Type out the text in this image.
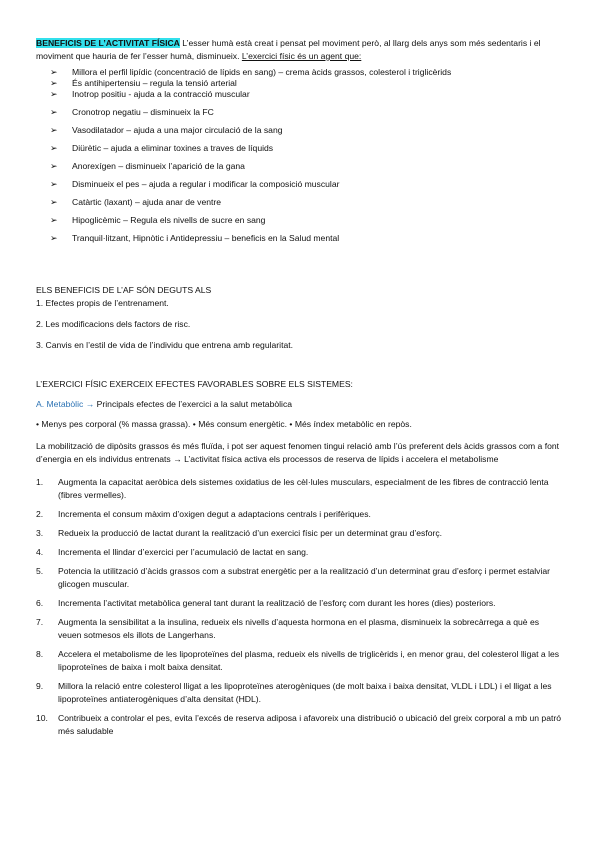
BENEFICIS DE L’ACTIVITAT FÍSICA L’esser humà està creat i pensat pel moviment però, al llarg dels anys som més sedentaris i el moviment que hauria de fer l’esser humà, disminueix. L’exercici físic és un agent que:
➢ Millora el perfil lipídic (concentració de lípids en sang) – crema àcids grassos, colesterol i triglicèrids
➢ És antihipertensiu – regula la tensió arterial
➢ Inotrop positiu - ajuda a la contracció muscular
➢ Cronotrop negatiu – disminueix la FC
➢ Vasodilatador – ajuda a una major circulació de la sang
➢ Diürètic – ajuda a eliminar toxines a traves de líquids
➢ Anorexígen – disminueix l’aparició de la gana
➢ Disminueix el pes – ajuda a regular i modificar la composició muscular
➢ Catàrtic (laxant) – ajuda anar de ventre
➢ Hipoglicèmic – Regula els nivells de sucre en sang
➢ Tranquil·litzant, Hipnòtic i Antidepressiu – beneficis en la Salud mental
ELS BENEFICIS DE L’AF SÓN DEGUTS ALS
1. Efectes propis de l’entrenament.
2. Les modificacions dels factors de risc.
3. Canvis en l’estil de vida de l’individu que entrena amb regularitat.
L’EXERCICI FÍSIC EXERCEIX EFECTES FAVORABLES SOBRE ELS SISTEMES:
A. Metabòlic → Principals efectes de l’exercici a la salut metabòlica
• Menys pes corporal (% massa grassa). • Més consum energètic. • Més índex metabòlic en repòs.
La mobilització de dipòsits grassos és més fluïda, i pot ser aquest fenomen tingui relació amb l’ús preferent dels àcids grassos com a font d’energia en els individus entrenats → L’activitat física activa els processos de reserva de lípids i accelera el metabolisme
1. Augmenta la capacitat aeròbica dels sistemes oxidatius de les cèl·lules musculars, especialment de les fibres de contracció lenta (fibres vermelles).
2. Incrementa el consum màxim d’oxigen degut a adaptacions centrals i perifèriques.
3. Redueix la producció de lactat durant la realització d’un exercici físic per un determinat grau d’esforç.
4. Incrementa el llindar d’exercici per l’acumulació de lactat en sang.
5. Potencia la utilització d’àcids grassos com a substrat energètic per a la realització d’un determinat grau d’esforç i permet estalviar glicogen muscular.
6. Incrementa l’activitat metabòlica general tant durant la realització de l’esforç com durant les hores (dies) posteriors.
7. Augmenta la sensibilitat a la insulina, redueix els nivells d’aquesta hormona en el plasma, disminueix la sobrecàrrega a què es veuen sotmesos els illots de Langerhans.
8. Accelera el metabolisme de les lipoproteïnes del plasma, redueix els nivells de triglicèrids i, en menor grau, del colesterol lligat a les lipoproteïnes de baixa i molt baixa densitat.
9. Millora la relació entre colesterol lligat a les lipoproteïnes aterogèniques (de molt baixa i baixa densitat, VLDL i LDL) i el lligat a les lipoproteïnes antiaterogèniques d’alta densitat (HDL).
10. Contribueix a controlar el pes, evita l’excés de reserva adiposa i afavoreix una distribució o ubicació del greix corporal a mb un patró més saludable
